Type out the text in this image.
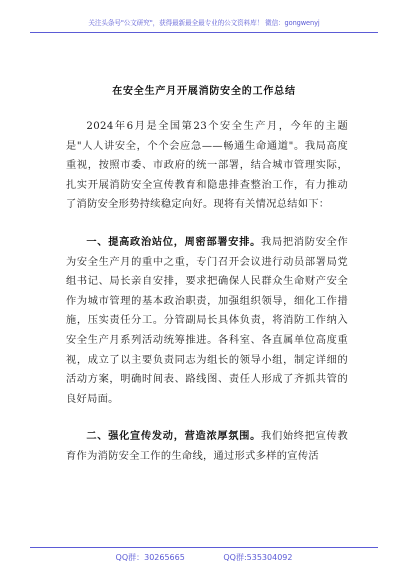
关注头条号"公文研究"，获得最新最全最专业的公文资料库！ 微信：gongwenyj
在安全生产月开展消防安全的工作总结

2024年6月是全国第23个安全生产月，今年的主题是"人人讲安全，个个会应急——畅通生命通道"。我局高度重视，按照市委、市政府的统一部署，结合城市管理实际，扎实开展消防安全宣传教育和隐患排查整治工作，有力推动了消防安全形势持续稳定向好。现将有关情况总结如下：

一、提高政治站位，周密部署安排。我局把消防安全作为安全生产月的重中之重，专门召开会议进行动员部署局党组书记、局长亲自安排，要求把确保人民群众生命财产安全作为城市管理的基本政治职责，加强组织领导，细化工作措施，压实责任分工。分管副局长具体负责，将消防工作纳入安全生产月系列活动统筹推进。各科室、各直属单位高度重视，成立了以主要负责同志为组长的领导小组，制定详细的活动方案，明确时间表、路线图、责任人形成了齐抓共管的良好局面。

二、强化宣传发动，营造浓厚氛围。我们始终把宣传教育作为消防安全工作的生命线，通过形式多样的宣传活

QQ群：30265665	QQ群:535304092
